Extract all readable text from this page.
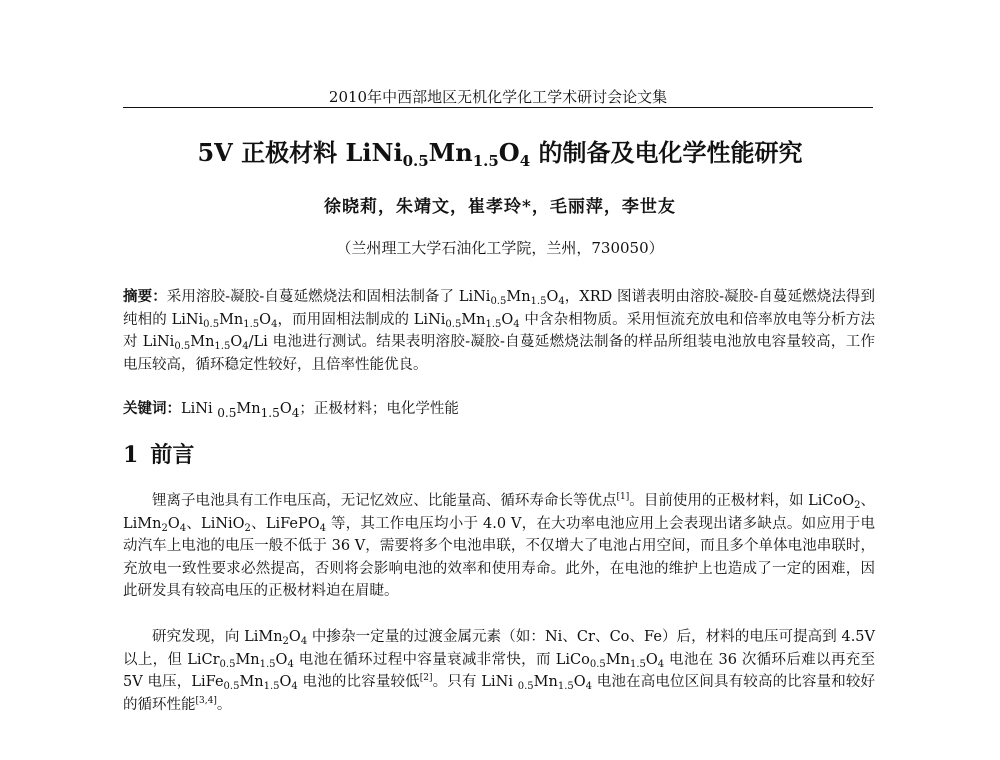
2010年中西部地区无机化学化工学术研讨会论文集
5V 正极材料 $LiNi_{0.5}Mn_{1.5}O_4$ 的制备及电化学性能研究
徐晓莉，朱靖文，崔孝玲*，毛丽萍，李世友
（兰州理工大学石油化工学院，兰州，730050）
摘要：采用溶胶-凝胶-自蔓延燃烧法和固相法制备了 $LiNi_{0.5}Mn_{1.5}O_4$，XRD 图谱表明由溶胶-凝胶-自蔓延燃烧法得到纯相的 $LiNi_{0.5}Mn_{1.5}O_4$，而用固相法制成的 $LiNi_{0.5}Mn_{1.5}O_4$ 中含杂相物质。采用恒流充放电和倍率放电等分析方法对 $LiNi_{0.5}Mn_{1.5}O_4/Li$ 电池进行测试。结果表明溶胶-凝胶-自蔓延燃烧法制备的样品所组装电池放电容量较高，工作电压较高，循环稳定性较好，且倍率性能优良。
关键词：LiNi $_{0.5}Mn_{1.5}O_4$；正极材料；电化学性能
1 前言

锂离子电池具有工作电压高，无记忆效应、比能量高、循环寿命长等优点[1]。目前使用的正极材料，如 LiCoO$_2$、$LiMn_2O_4$、LiNiO$_2$、LiFePO$_4$ 等，其工作电压均小于 4.0 V，在大功率电池应用上会表现出诸多缺点。如应用于电动汽车上电池的电压一般不低于 36 V，需要将多个电池串联，不仅增大了电池占用空间，而且多个单体电池串联时，充放电一致性要求必然提高，否则将会影响电池的效率和使用寿命。此外，在电池的维护上也造成了一定的困难，因此研发具有较高电压的正极材料迫在眉睫。

研究发现，向 $LiMn_2O_4$ 中掺杂一定量的过渡金属元素（如：Ni、Cr、Co、Fe）后，材料的电压可提高到 4.5V 以上，但 $LiCr_{0.5}Mn_{1.5}O_4$ 电池在循环过程中容量衰减非常快，而 $LiCo_{0.5}Mn_{1.5}O_4$ 电池在 36 次循环后难以再充至 5V 电压，$LiFe_{0.5}Mn_{1.5}O_4$ 电池的比容量较低[2]。只有 LiNi $_{0.5}Mn_{1.5}O_4$ 电池在高电位区间具有较高的比容量和较好的循环性能[3,4]。
